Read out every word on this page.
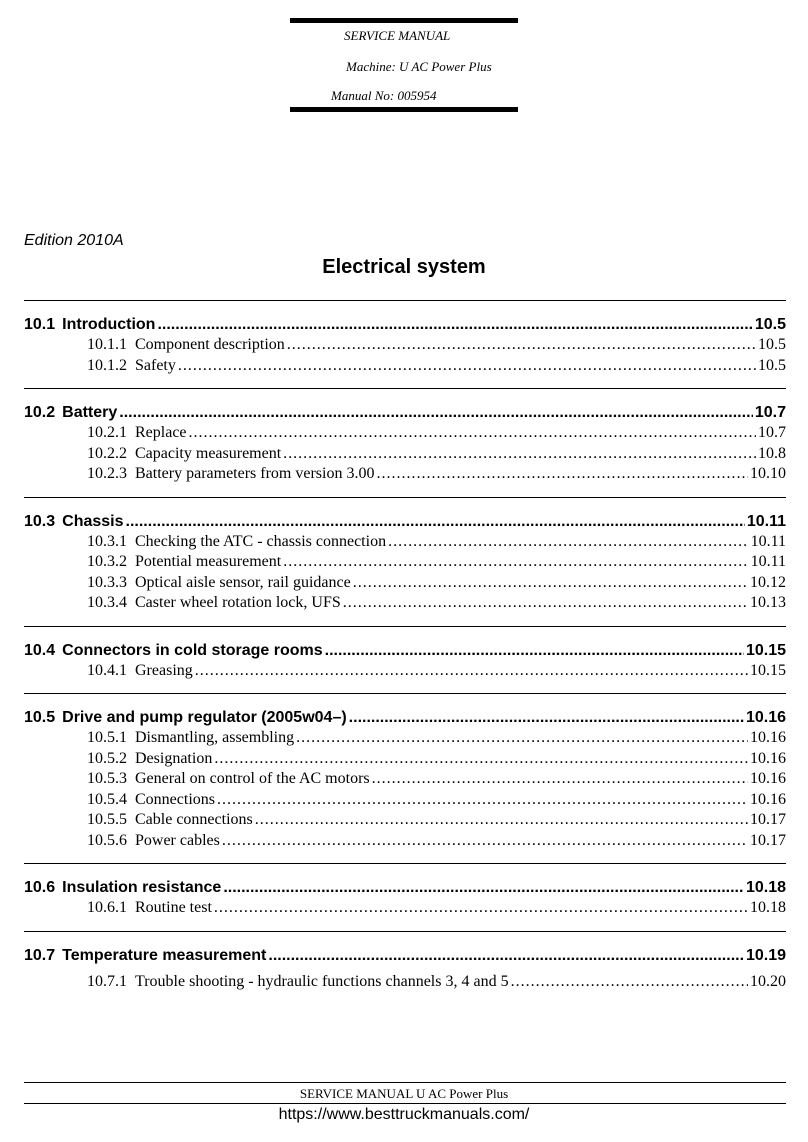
SERVICE MANUAL
Machine: U AC Power Plus
Manual No: 005954
Edition 2010A
Electrical system
10.1 Introduction .....	10.5
10.1.1 Component description .....	10.5
10.1.2 Safety .....	10.5
10.2 Battery .....	10.7
10.2.1 Replace .....	10.7
10.2.2 Capacity measurement .....	10.8
10.2.3 Battery parameters from version 3.00 .....	10.10
10.3 Chassis .....	10.11
10.3.1 Checking the ATC - chassis connection .....	10.11
10.3.2 Potential measurement .....	10.11
10.3.3 Optical aisle sensor, rail guidance .....	10.12
10.3.4 Caster wheel rotation lock, UFS .....	10.13
10.4 Connectors in cold storage rooms .....	10.15
10.4.1 Greasing .....	10.15
10.5 Drive and pump regulator (2005w04–) .....	10.16
10.5.1 Dismantling, assembling .....	10.16
10.5.2 Designation .....	10.16
10.5.3 General on control of the AC motors .....	10.16
10.5.4 Connections .....	10.16
10.5.5 Cable connections .....	10.17
10.5.6 Power cables .....	10.17
10.6 Insulation resistance .....	10.18
10.6.1 Routine test .....	10.18
10.7 Temperature measurement .....	10.19
10.7.1 Trouble shooting - hydraulic functions channels 3, 4 and 5 .....	10.20
SERVICE MANUAL U AC Power Plus
https://www.besttruckmanuals.com/
